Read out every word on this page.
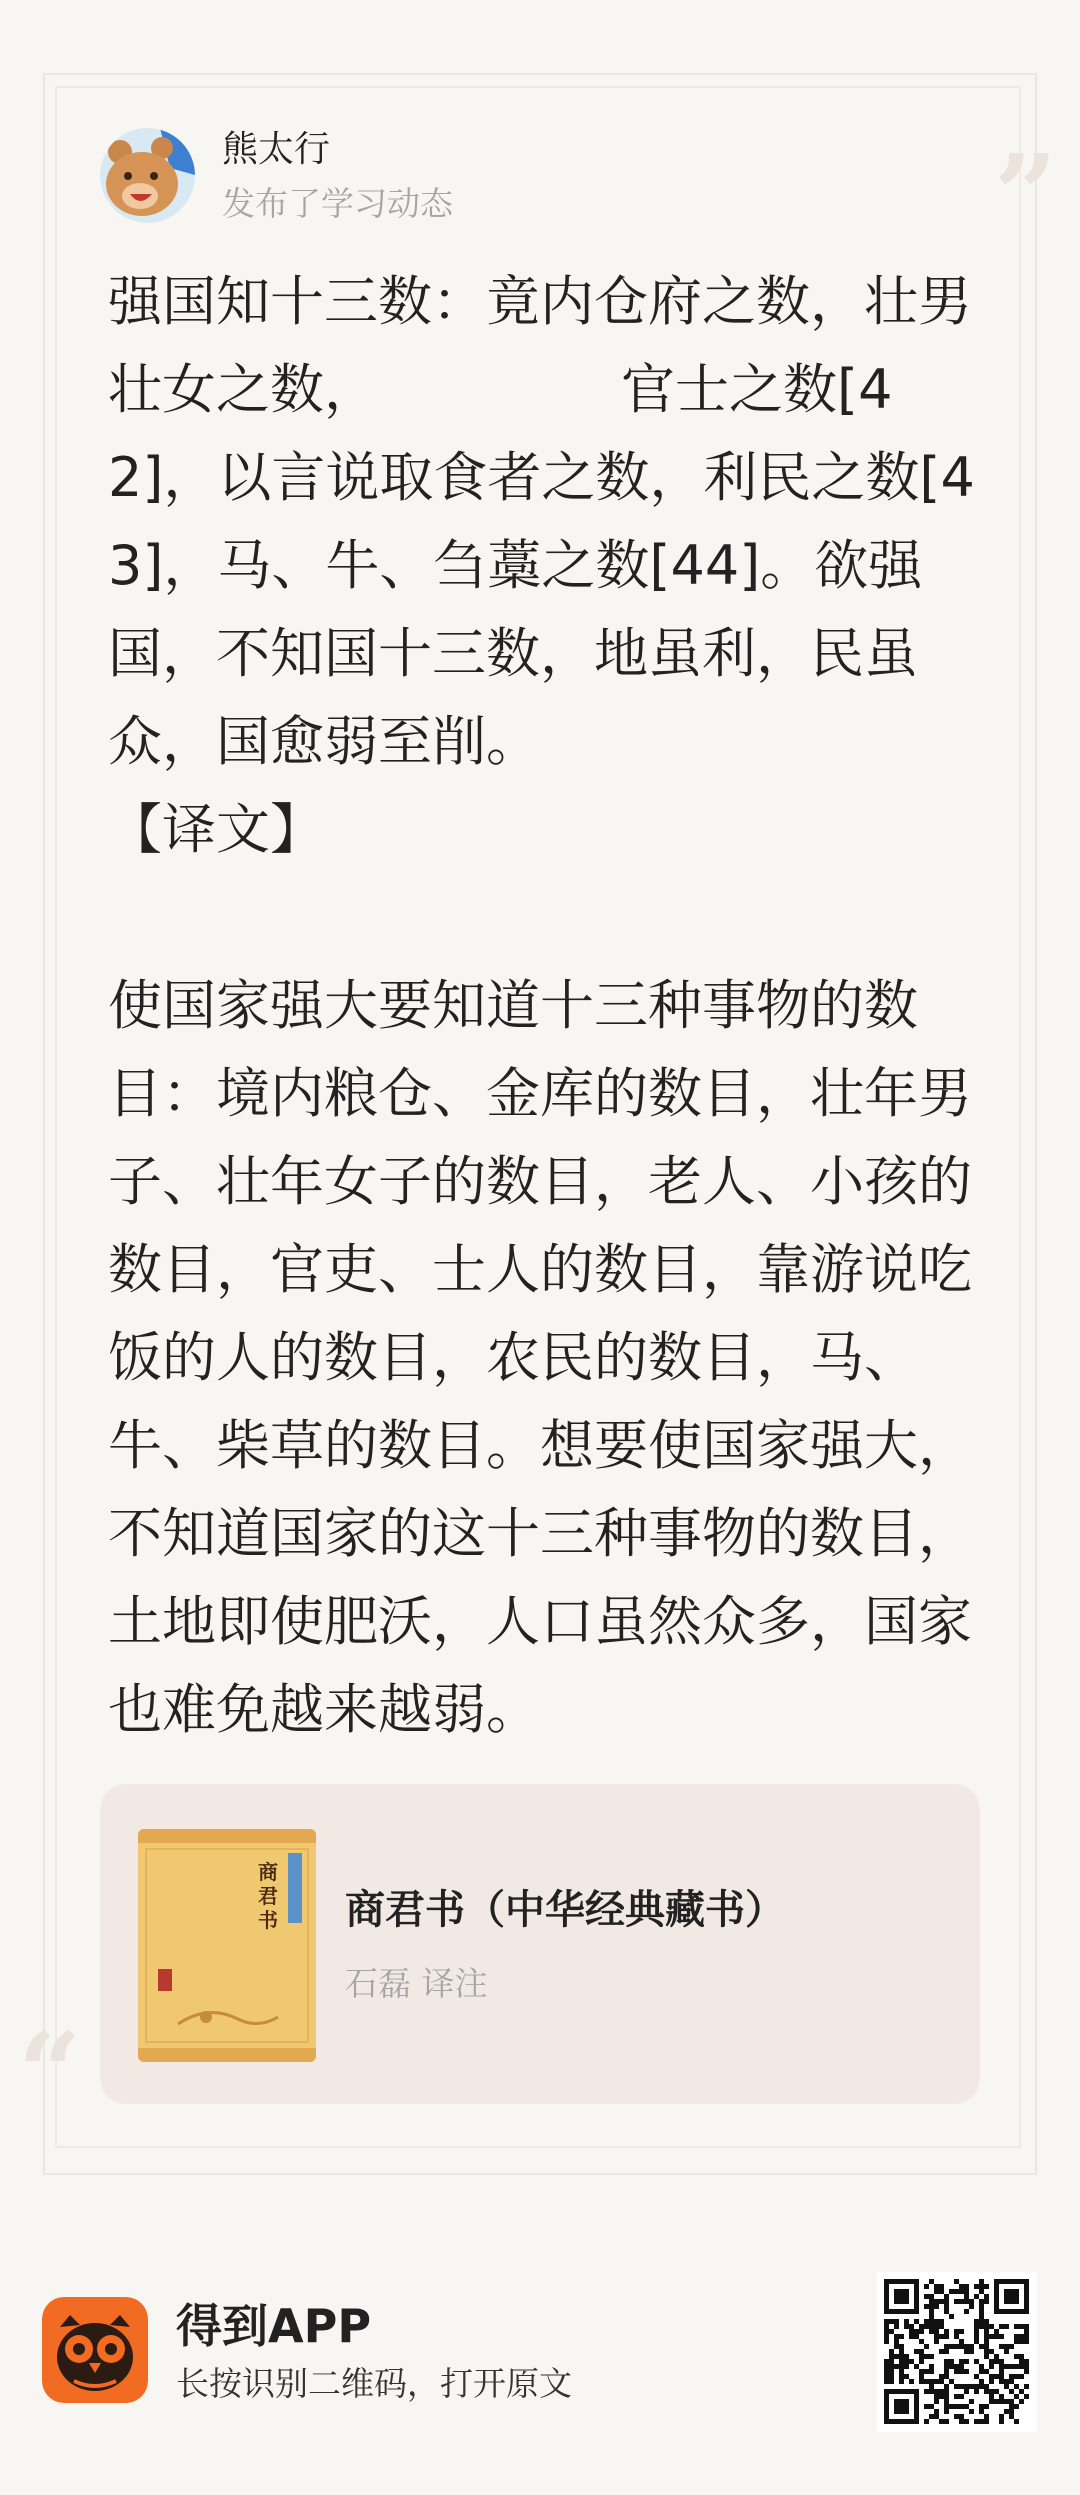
”
“
熊太行
发布了学习动态

强国知十三数：竟内仓府之数，壮男壮女之数，　　　　　官士之数[42]，以言说取食者之数，利民之数[43]，马、牛、刍藁之数[44]。欲强国，不知国十三数，地虽利，民虽众，国愈弱至削。
【译文】

使国家强大要知道十三种事物的数目：境内粮仓、金库的数目，壮年男子、壮年女子的数目，老人、小孩的数目，官吏、士人的数目，靠游说吃饭的人的数目，农民的数目，马、牛、柴草的数目。想要使国家强大，不知道国家的这十三种事物的数目，土地即使肥沃，人口虽然众多，国家也难免越来越弱。

商
君
书 商君书（中华经典藏书）
石磊 译注
得到APP
长按识别二维码，打开原文
